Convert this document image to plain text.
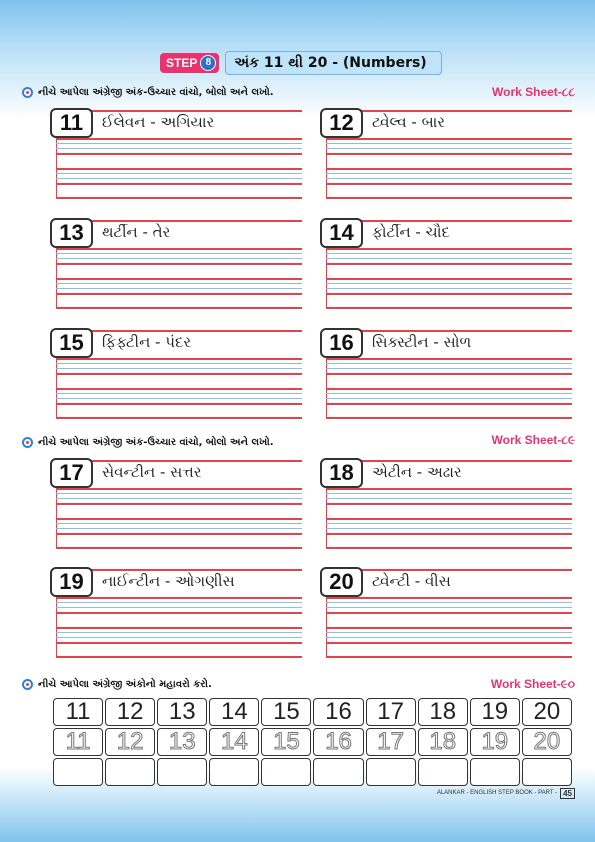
STEP 8	અંક 11 થી 20 - (Numbers)
નીચે આપેલા અંગ્રેજી અંક-ઉચ્ચાર વાંચો, બોલો અને લખો.	Work Sheet-૮૮
નીચે આપેલા અંગ્રેજી અંક-ઉચ્ચાર વાંચો, બોલો અને લખો.	Work Sheet-૮૯
નીચે આપેલા અંગ્રેજી અંકોનો મહાવરો કરો.	Work Sheet-૯૦
11	ઈલેવન - અગિયાર	12	ટ્વેલ્વ - બાર
13	થર્ટીન - તેર	14	ફોર્ટીન - ચૌદ
15	ફિફ્ટીન - પંદર	16	સિક્સ્ટીન - સોળ
17	સેવન્ટીન - સત્તર	18	એટીન - અઢાર
19	નાઈન્ટીન - ઓગણીસ	20	ટ્વેન્ટી - વીસ
11	12	13	14	15	16	17	18	19	20
11	12	13	14	15	16	17	18	19	20
ALANKAR - ENGLISH STEP BOOK - PART - 45
